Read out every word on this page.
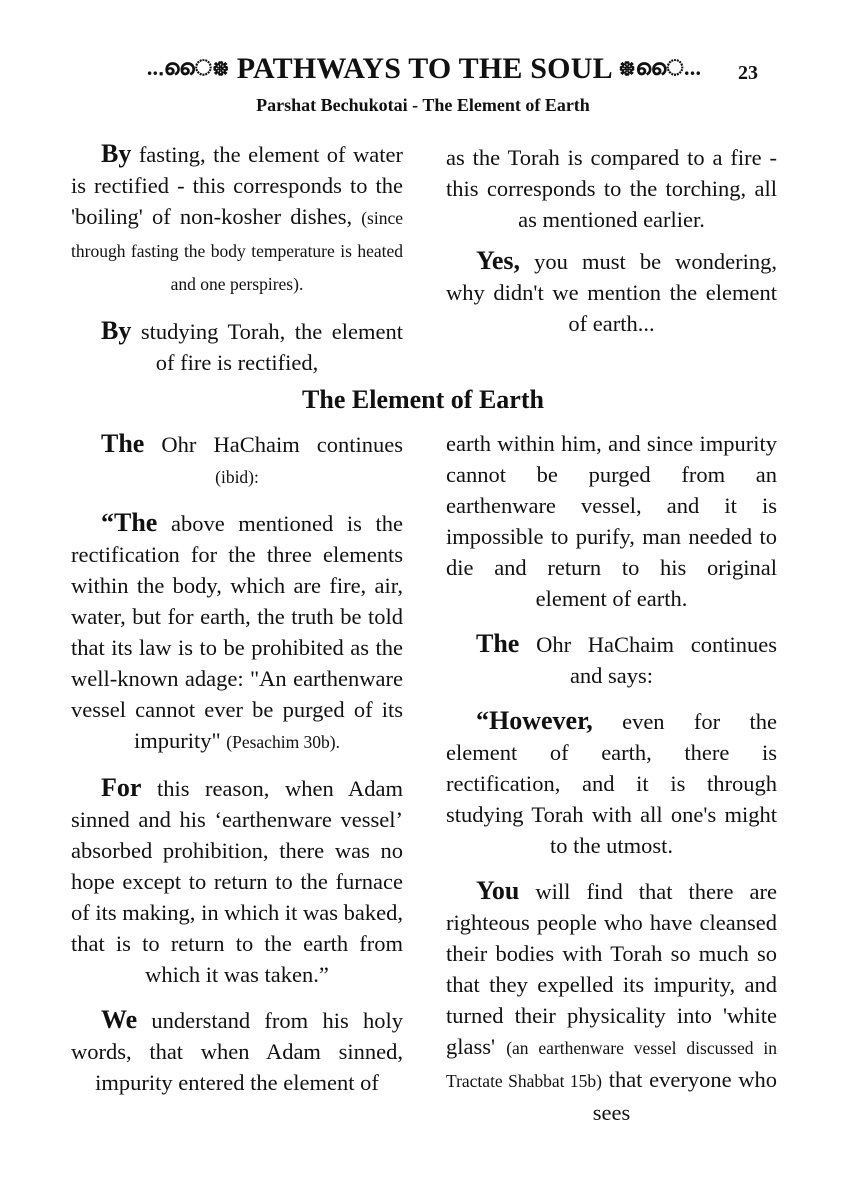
...ൈ᪥ PATHWAYS TO THE SOUL ᪥ൈ...	23
Parshat Bechukotai - The Element of Earth

By fasting, the element of water is rectified - this corresponds to the 'boiling' of non-kosher dishes, (since through fasting the body temperature is heated and one perspires).

By studying Torah, the element of fire is rectified,

as the Torah is compared to a fire - this corresponds to the torching, all as mentioned earlier.

Yes, you must be wondering, why didn't we mention the element of earth...

The Element of Earth

The Ohr HaChaim continues (ibid):

“The above mentioned is the rectification for the three elements within the body, which are fire, air, water, but for earth, the truth be told that its law is to be prohibited as the well-known adage: "An earthenware vessel cannot ever be purged of its impurity" (Pesachim 30b).

For this reason, when Adam sinned and his ‘earthenware vessel’ absorbed prohibition, there was no hope except to return to the furnace of its making, in which it was baked, that is to return to the earth from which it was taken.”

We understand from his holy words, that when Adam sinned, impurity entered the element of

earth within him, and since impurity cannot be purged from an earthenware vessel, and it is impossible to purify, man needed to die and return to his original element of earth.

The Ohr HaChaim continues and says:

“However, even for the element of earth, there is rectification, and it is through studying Torah with all one's might to the utmost.

You will find that there are righteous people who have cleansed their bodies with Torah so much so that they expelled its impurity, and turned their physicality into 'white glass' (an earthenware vessel discussed in Tractate Shabbat 15b) that everyone who sees
